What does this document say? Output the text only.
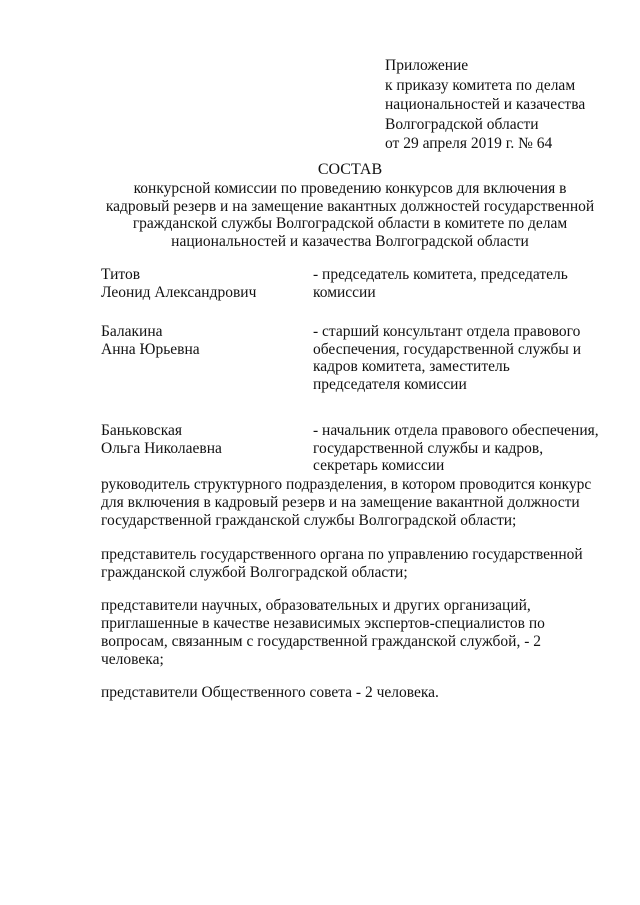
Приложение
к приказу комитета по делам
национальностей и казачества
Волгоградской области
от 29 апреля 2019 г. № 64
СОСТАВ
конкурсной комиссии по проведению конкурсов для включения в
кадровый резерв и на замещение вакантных должностей государственной
гражданской службы Волгоградской области в комитете по делам
национальностей и казачества Волгоградской области
Титов
Леонид Александрович
- председатель комитета, председатель
комиссии
Балакина
Анна Юрьевна
- старший консультант отдела правового
обеспечения, государственной службы и
кадров комитета, заместитель
председателя комиссии
Баньковская
Ольга Николаевна
- начальник отдела правового обеспечения,
государственной службы и кадров,
секретарь комиссии
руководитель структурного подразделения, в котором проводится конкурс
для включения в кадровый резерв и на замещение вакантной должности
государственной гражданской службы Волгоградской области;
представитель государственного органа по управлению государственной
гражданской службой Волгоградской области;
представители научных, образовательных и других организаций,
приглашенные в качестве независимых экспертов-специалистов по
вопросам, связанным с государственной гражданской службой, - 2
человека;
представители Общественного совета - 2 человека.
